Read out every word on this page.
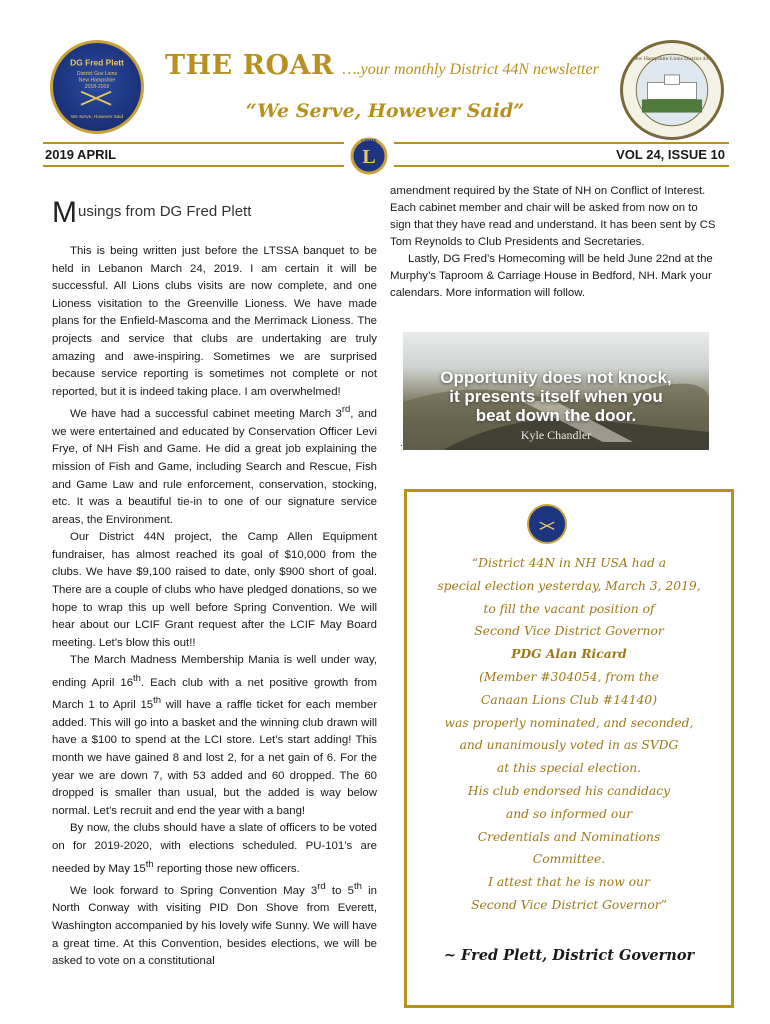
DG Fred Plett
District Gov Lions
New Hampshire
2018-2019
We Serve, However Said
THE ROAR ….your monthly District 44N newsletter
New Hampshire Lions District 44N
“We Serve, However Said”
2019 APRIL	VOL 24, ISSUE 10
L
LIONS
Musings from DG Fred Plett

This is being written just before the LTSSA banquet to be held in Lebanon March 24, 2019. I am certain it will be successful. All Lions clubs visits are now complete, and one Lioness visitation to the Greenville Lioness. We have made plans for the Enfield-Mascoma and the Merrimack Lioness. The projects and service that clubs are undertaking are truly amazing and awe-inspiring. Sometimes we are surprised because service reporting is sometimes not complete or not reported, but it is indeed taking place. I am overwhelmed!

We have had a successful cabinet meeting March 3rd, and we were entertained and educated by Conservation Officer Levi Frye, of NH Fish and Game. He did a great job explaining the mission of Fish and Game, including Search and Rescue, Fish and Game Law and rule enforcement, conservation, stocking, etc. It was a beautiful tie-in to one of our signature service areas, the Environment.

Our District 44N project, the Camp Allen Equipment fundraiser, has almost reached its goal of $10,000 from the clubs. We have $9,100 raised to date, only $900 short of goal. There are a couple of clubs who have pledged donations, so we hope to wrap this up well before Spring Convention. We will hear about our LCIF Grant request after the LCIF May Board meeting. Let’s blow this out!!

The March Madness Membership Mania is well under way, ending April 16th. Each club with a net positive growth from March 1 to April 15th will have a raffle ticket for each member added. This will go into a basket and the winning club drawn will have a $100 to spend at the LCI store. Let’s start adding! This month we have gained 8 and lost 2, for a net gain of 6. For the year we are down 7, with 53 added and 60 dropped. The 60 dropped is smaller than usual, but the added is way below normal. Let’s recruit and end the year with a bang!

By now, the clubs should have a slate of officers to be voted on for 2019-2020, with elections scheduled. PU-101’s are needed by May 15th reporting those new officers.

We look forward to Spring Convention May 3rd to 5th in North Conway with visiting PID Don Shove from Everett, Washington accompanied by his lovely wife Sunny. We will have a great time. At this Convention, besides elections, we will be asked to vote on a constitutional

amendment required by the State of NH on Conflict of Interest. Each cabinet member and chair will be asked from now on to sign that they have read and understand. It has been sent by CS Tom Reynolds to Club Presidents and Secretaries.

Lastly, DG Fred’s Homecoming will be held June 22nd at the Murphy’s Taproom & Carriage House in Bedford, NH. Mark your calendars. More information will follow.

Opportunity does not knock,
it presents itself when you
beat down the door.
Kyle Chandler
.
“District 44N in NH USA had a
special election yesterday, March 3, 2019,
to fill the vacant position of
Second Vice District Governor
PDG Alan Ricard
(Member #304054, from the
Canaan Lions Club #14140)
was properly nominated, and seconded,
and unanimously voted in as SVDG
at this special election.
His club endorsed his candidacy
and so informed our
Credentials and Nominations
Committee.
I attest that he is now our
Second Vice District Governor”
~ Fred Plett, District Governor
